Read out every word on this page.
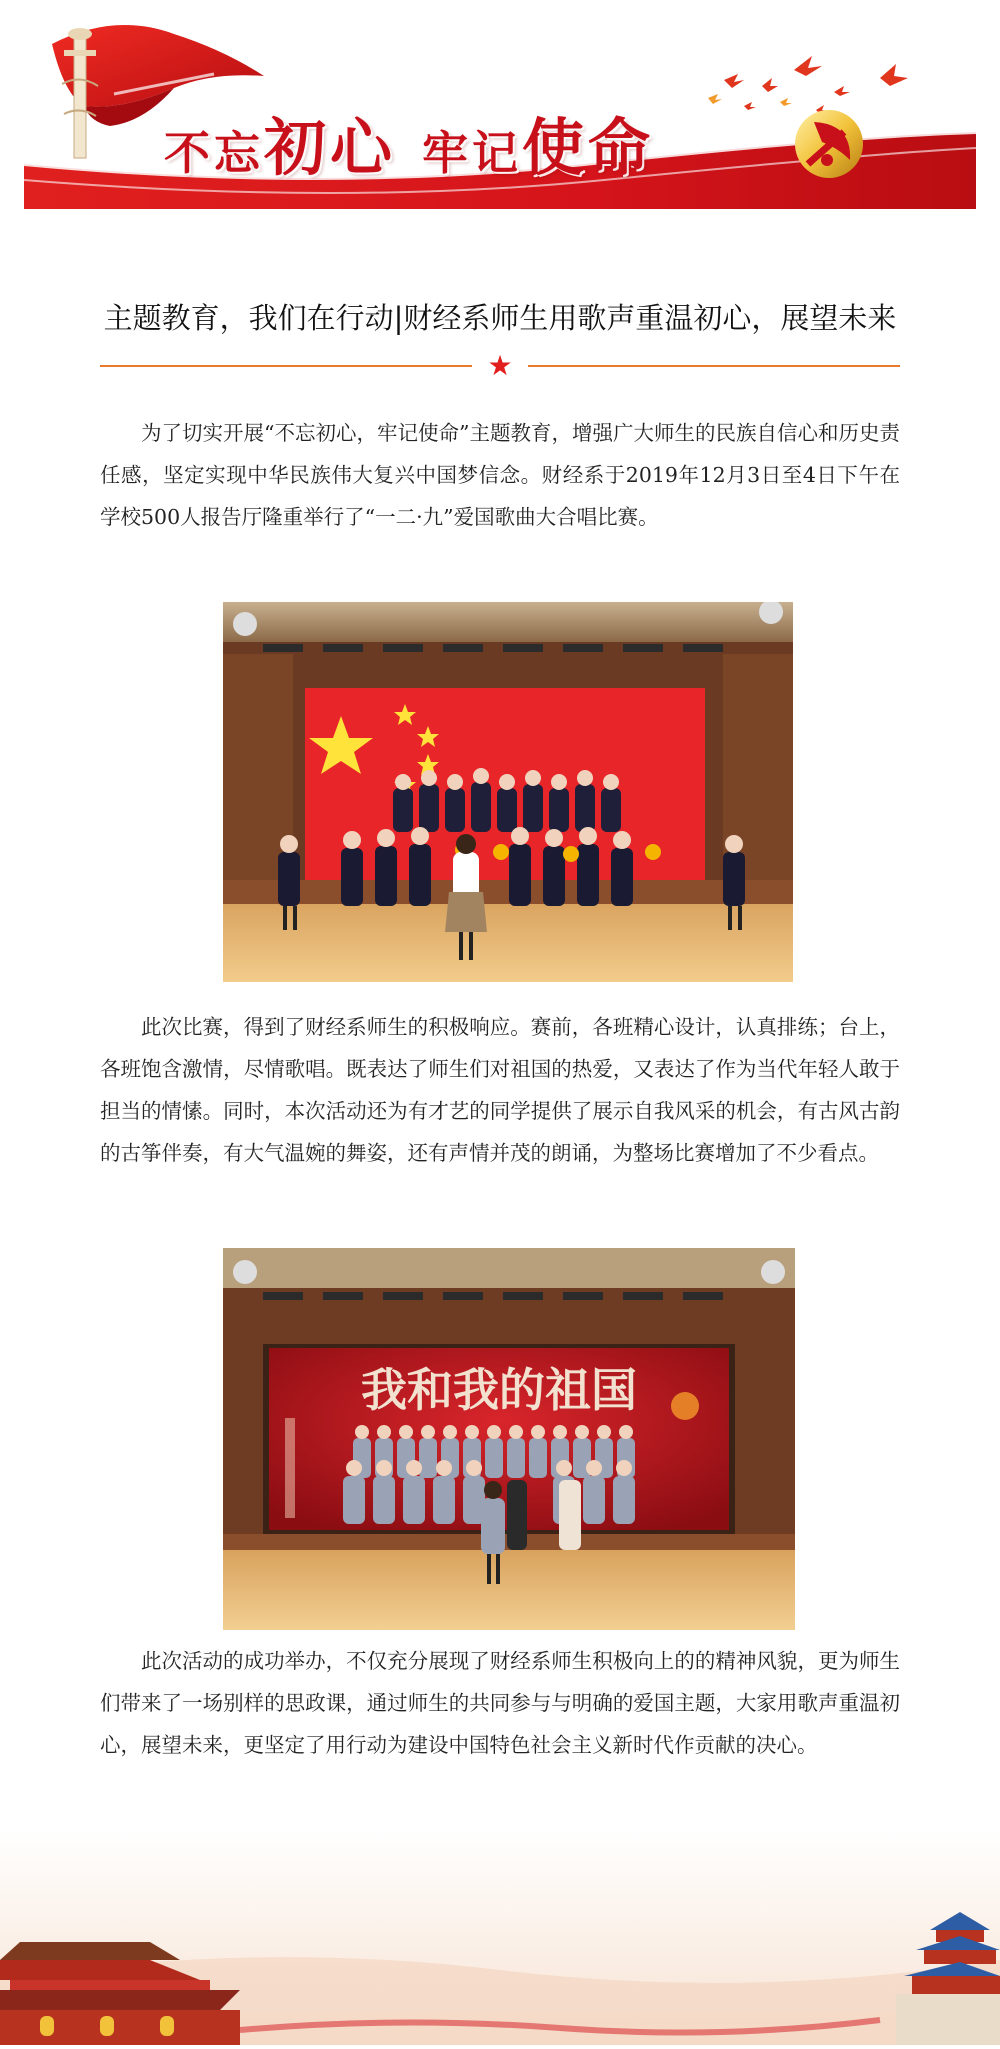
不忘初心 牢记使命
主题教育，我们在行动|财经系师生用歌声重温初心，展望未来
★
为了切实开展“不忘初心，牢记使命”主题教育，增强广大师生的民族自信心和历史责任感，坚定实现中华民族伟大复兴中国梦信念。财经系于2019年12月3日至4日下午在学校500人报告厅隆重举行了“一二·九”爱国歌曲大合唱比赛。
此次比赛，得到了财经系师生的积极响应。赛前，各班精心设计，认真排练；台上，各班饱含激情，尽情歌唱。既表达了师生们对祖国的热爱，又表达了作为当代年轻人敢于担当的情愫。同时，本次活动还为有才艺的同学提供了展示自我风采的机会，有古风古韵的古筝伴奏，有大气温婉的舞姿，还有声情并茂的朗诵，为整场比赛增加了不少看点。
我和我的祖国
此次活动的成功举办，不仅充分展现了财经系师生积极向上的的精神风貌，更为师生们带来了一场别样的思政课，通过师生的共同参与与明确的爱国主题，大家用歌声重温初心，展望未来，更坚定了用行动为建设中国特色社会主义新时代作贡献的决心。
